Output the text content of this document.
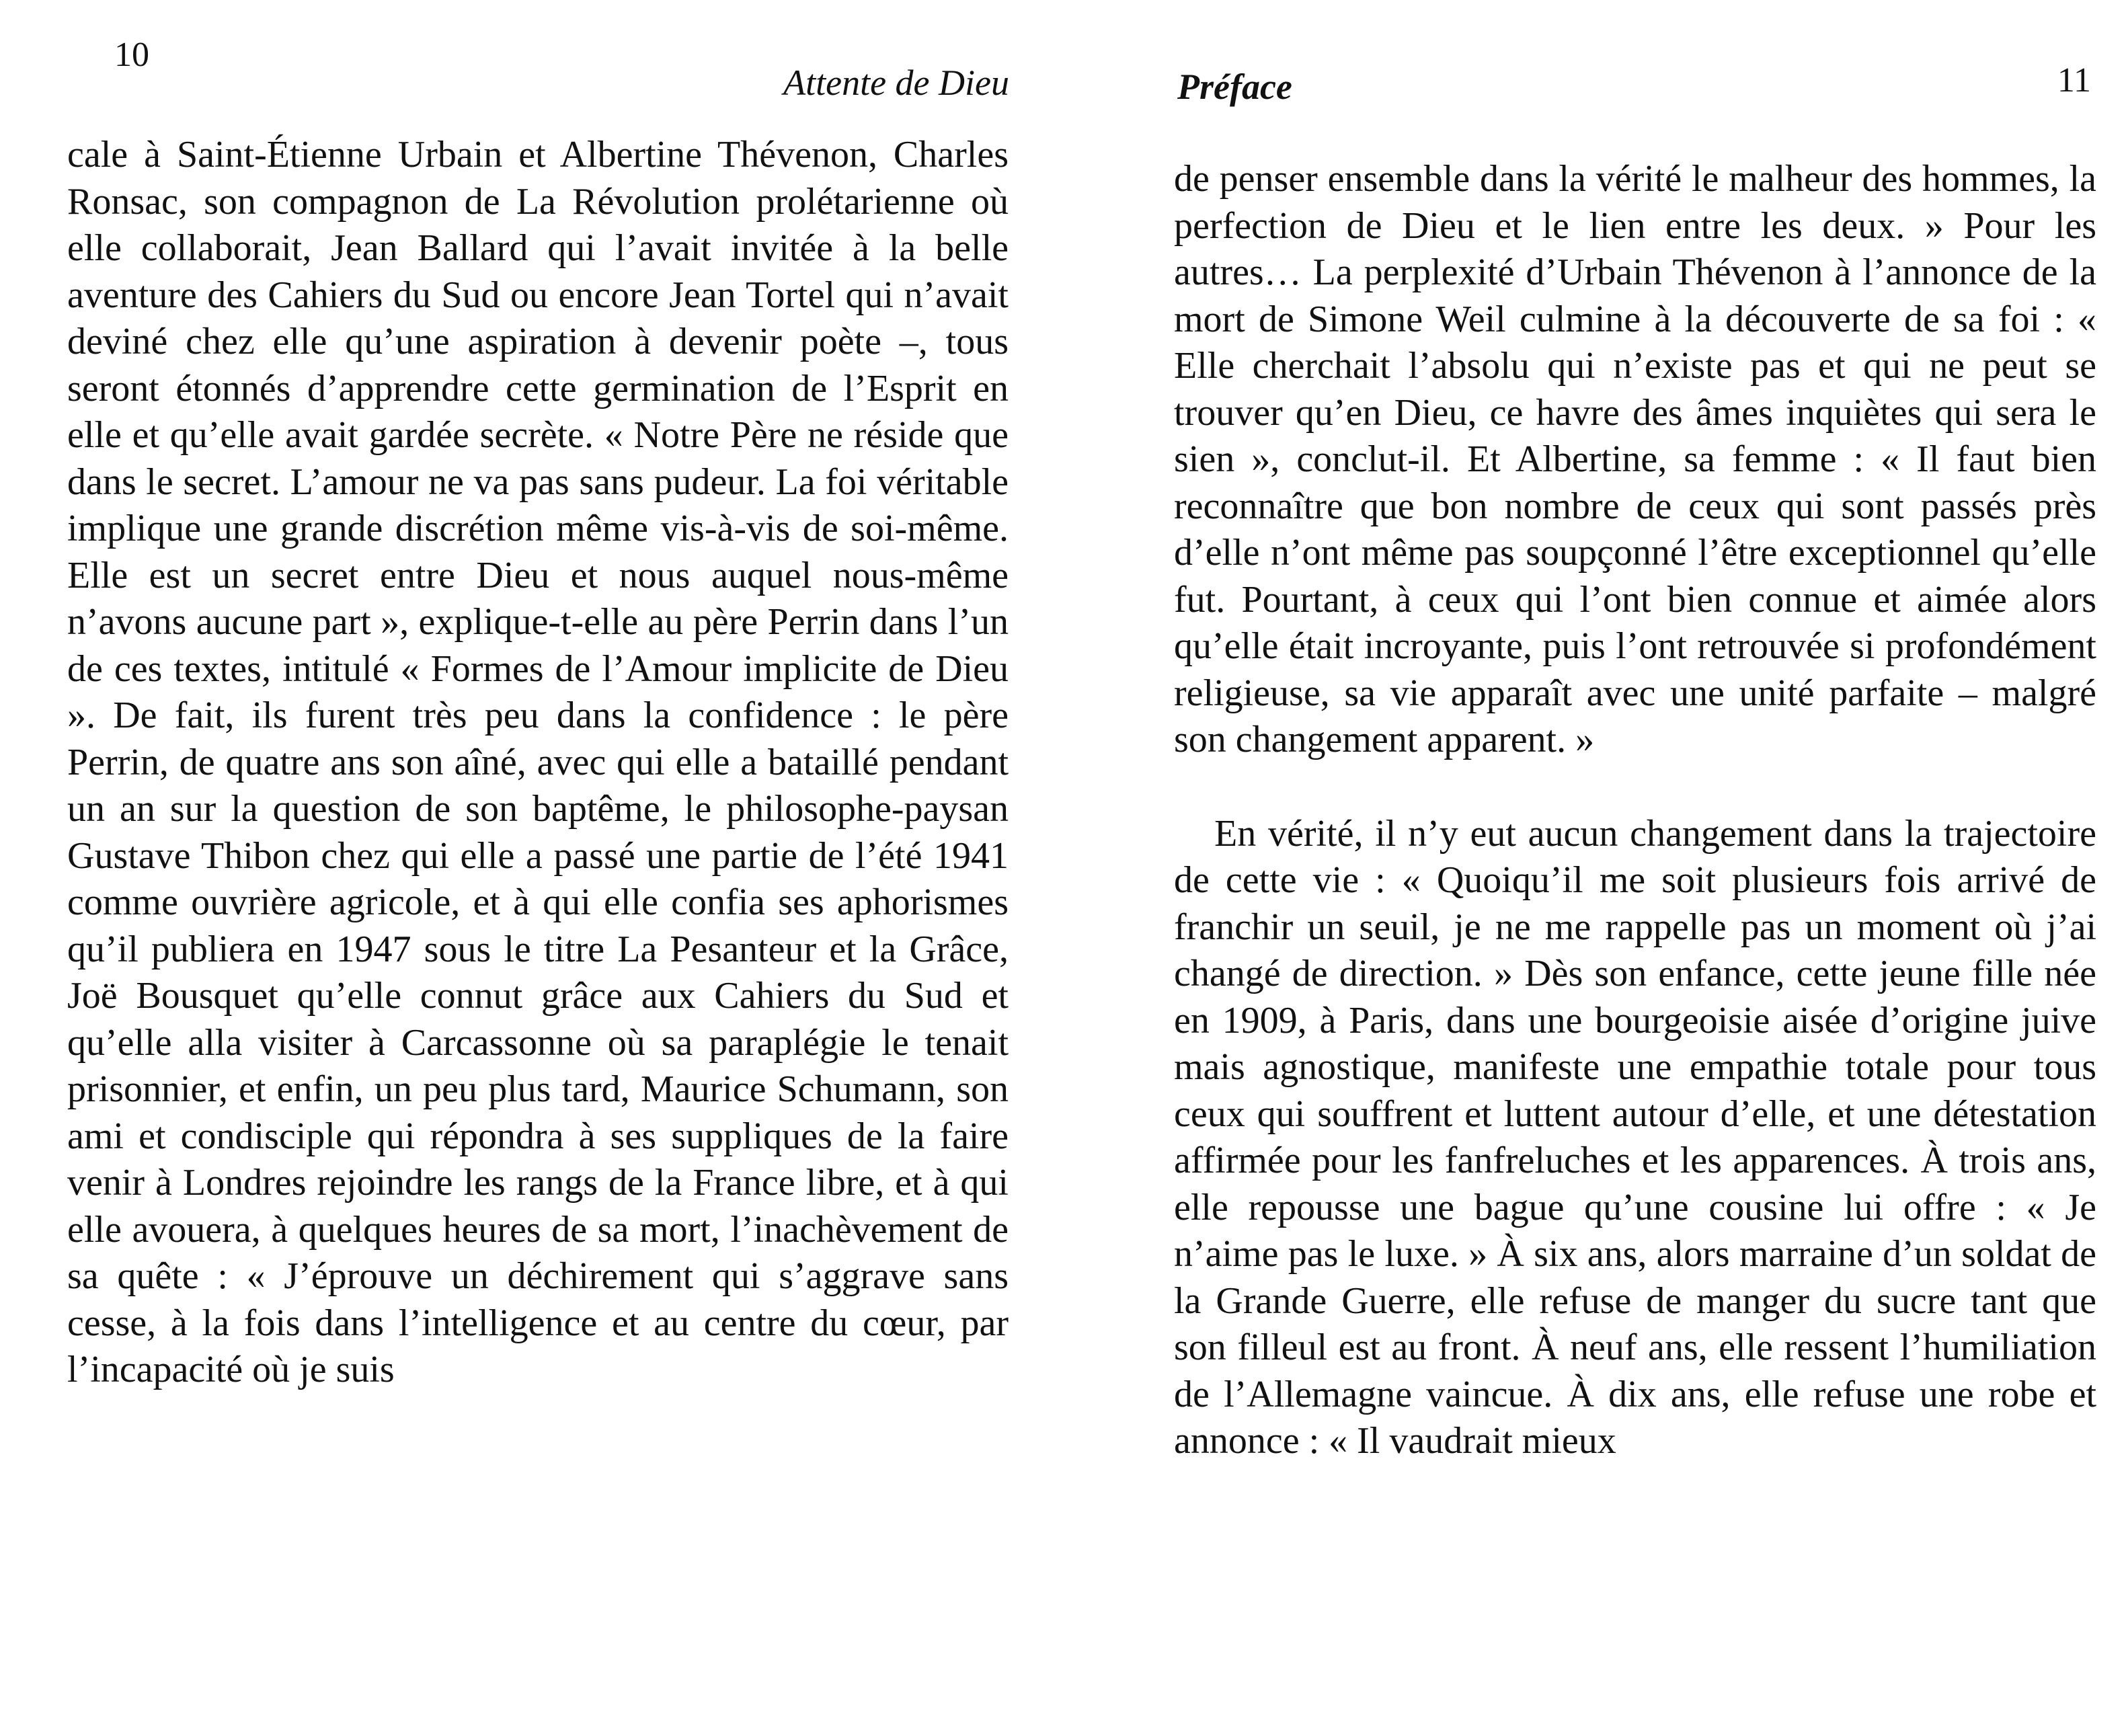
10
Attente de Dieu

cale à Saint-Étienne Urbain et Albertine Thévenon, Charles Ronsac, son compagnon de La Révolution prolétarienne où elle collaborait, Jean Ballard qui l’avait invitée à la belle aventure des Cahiers du Sud ou encore Jean Tortel qui n’avait deviné chez elle qu’une aspiration à devenir poète –, tous seront étonnés d’apprendre cette germination de l’Esprit en elle et qu’elle avait gardée secrète. « Notre Père ne réside que dans le secret. L’amour ne va pas sans pudeur. La foi véritable implique une grande discrétion même vis-à-vis de soi-même. Elle est un secret entre Dieu et nous auquel nous-même n’avons aucune part », explique-t-elle au père Perrin dans l’un de ces textes, intitulé « Formes de l’Amour implicite de Dieu ». De fait, ils furent très peu dans la confidence : le père Perrin, de quatre ans son aîné, avec qui elle a bataillé pendant un an sur la question de son baptême, le philosophe-paysan Gustave Thibon chez qui elle a passé une partie de l’été 1941 comme ouvrière agricole, et à qui elle confia ses aphorismes qu’il publiera en 1947 sous le titre La Pesanteur et la Grâce, Joë Bousquet qu’elle connut grâce aux Cahiers du Sud et qu’elle alla visiter à Carcassonne où sa paraplégie le tenait prisonnier, et enfin, un peu plus tard, Maurice Schumann, son ami et condisciple qui répondra à ses suppliques de la faire venir à Londres rejoindre les rangs de la France libre, et à qui elle avouera, à quelques heures de sa mort, l’inachèvement de sa quête : « J’éprouve un déchirement qui s’aggrave sans cesse, à la fois dans l’intelligence et au centre du cœur, par l’incapacité où je suis

Préface	11

de penser ensemble dans la vérité le malheur des hommes, la perfection de Dieu et le lien entre les deux. » Pour les autres… La perplexité d’Urbain Thévenon à l’annonce de la mort de Simone Weil culmine à la découverte de sa foi : « Elle cherchait l’absolu qui n’existe pas et qui ne peut se trouver qu’en Dieu, ce havre des âmes inquiètes qui sera le sien », conclut-il. Et Albertine, sa femme : « Il faut bien reconnaître que bon nombre de ceux qui sont passés près d’elle n’ont même pas soupçonné l’être exceptionnel qu’elle fut. Pourtant, à ceux qui l’ont bien connue et aimée alors qu’elle était incroyante, puis l’ont retrouvée si profondément religieuse, sa vie apparaît avec une unité parfaite – malgré son changement apparent. »

En vérité, il n’y eut aucun changement dans la trajectoire de cette vie : « Quoiqu’il me soit plusieurs fois arrivé de franchir un seuil, je ne me rappelle pas un moment où j’ai changé de direction. » Dès son enfance, cette jeune fille née en 1909, à Paris, dans une bourgeoisie aisée d’origine juive mais agnostique, manifeste une empathie totale pour tous ceux qui souffrent et luttent autour d’elle, et une détestation affirmée pour les fanfreluches et les apparences. À trois ans, elle repousse une bague qu’une cousine lui offre : « Je n’aime pas le luxe. » À six ans, alors marraine d’un soldat de la Grande Guerre, elle refuse de manger du sucre tant que son filleul est au front. À neuf ans, elle ressent l’humiliation de l’Allemagne vaincue. À dix ans, elle refuse une robe et annonce : « Il vaudrait mieux
